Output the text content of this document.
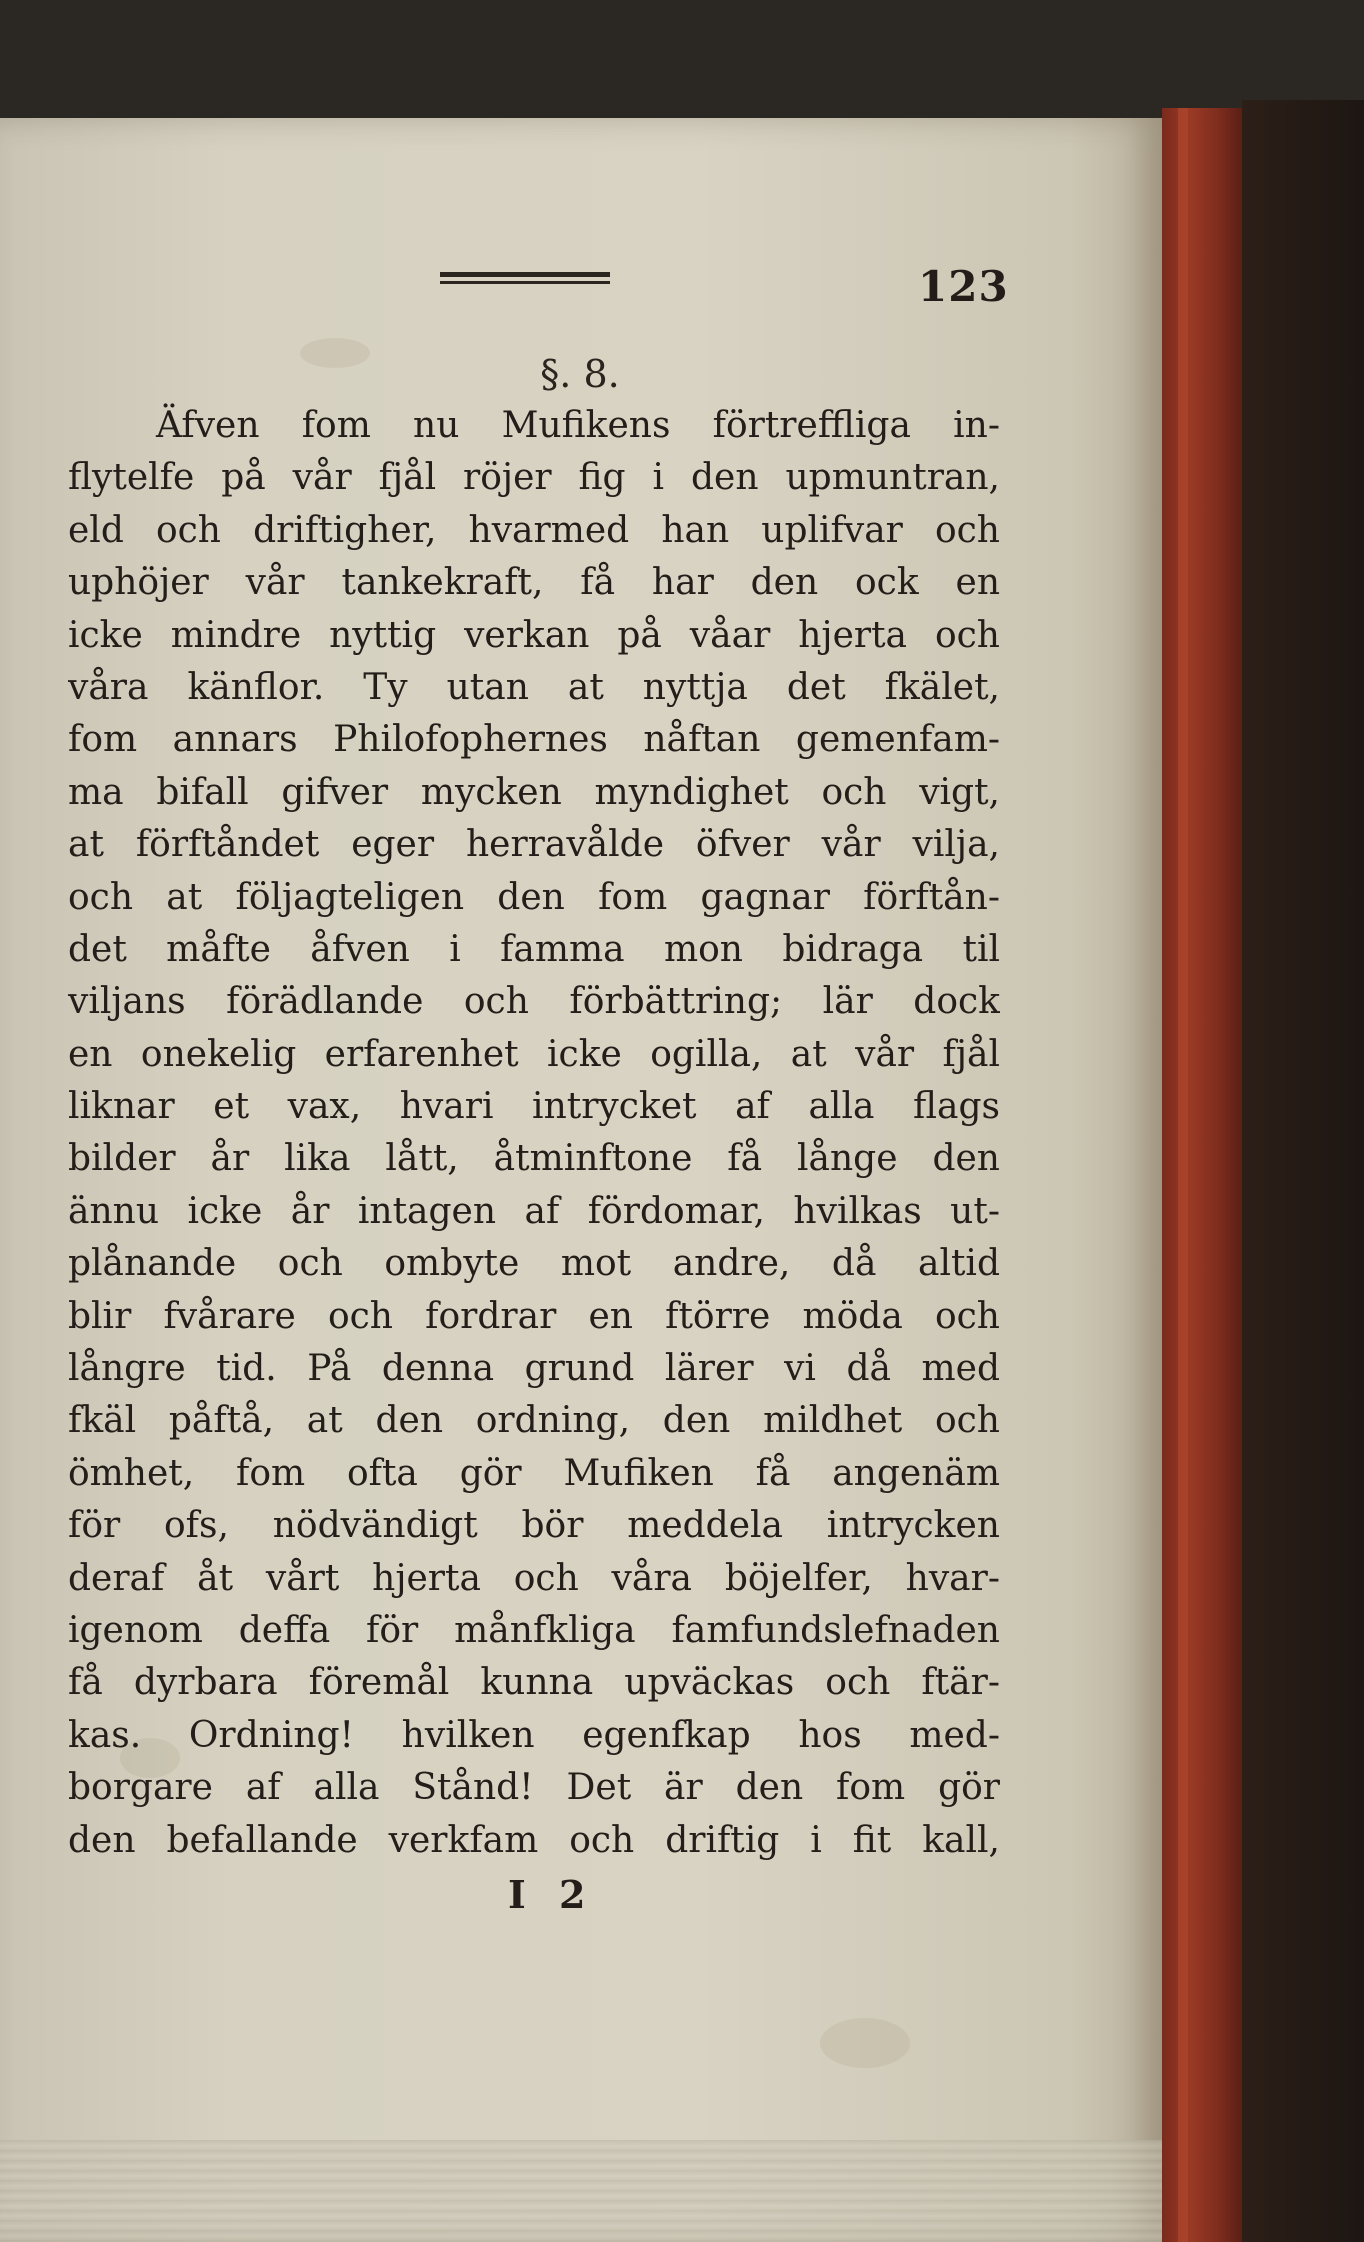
123
§. 8.
Äfven fom nu Mufikens förtreffliga in-
flytelfe på vår fjål röjer fig i den upmuntran,
eld och driftigher, hvarmed han uplifvar och
uphöjer vår tankekraft, få har den ock en
icke mindre nyttig verkan på våar hjerta och
våra känflor. Ty utan at nyttja det fkälet,
fom annars Philofophernes nåftan gemenfam-
ma bifall gifver mycken myndighet och vigt,
at förftåndet eger herravålde öfver vår vilja,
och at följagteligen den fom gagnar förftån-
det måfte åfven i famma mon bidraga til
viljans förädlande och förbättring; lär dock
en onekelig erfarenhet icke ogilla, at vår fjål
liknar et vax, hvari intrycket af alla flags
bilder år lika lått, åtminftone få långe den
ännu icke år intagen af fördomar, hvilkas ut-
plånande och ombyte mot andre, då altid
blir fvårare och fordrar en ftörre möda och
långre tid. På denna grund lärer vi då med
fkäl påftå, at den ordning, den mildhet och
ömhet, fom ofta gör Mufiken få angenäm
för ofs, nödvändigt bör meddela intrycken
deraf åt vårt hjerta och våra böjelfer, hvar-
igenom deffa för månfkliga famfundslefnaden
få dyrbara föremål kunna upväckas och ftär-
kas. Ordning! hvilken egenfkap hos med-
borgare af alla Stånd! Det är den fom gör
den befallande verkfam och driftig i fit kall,
I 2
